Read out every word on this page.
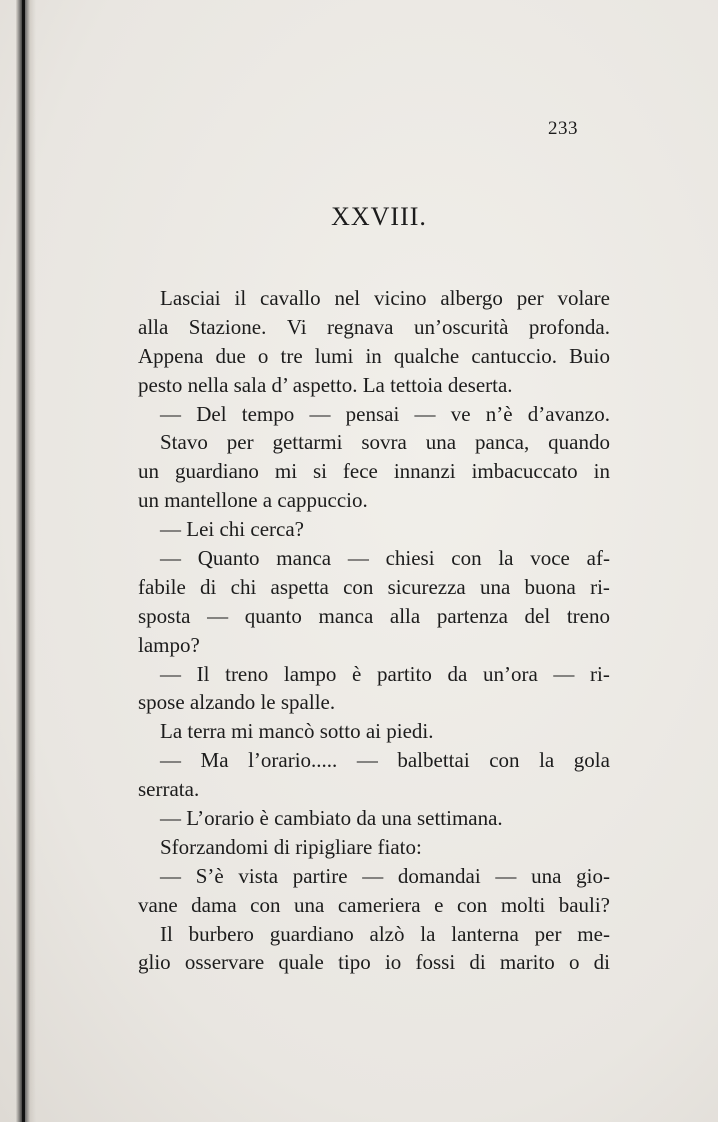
233
XXVIII.
Lasciai il cavallo nel vicino albergo per volare
alla Stazione. Vi regnava un’oscurità profonda.
Appena due o tre lumi in qualche cantuccio. Buio
pesto nella sala d’ aspetto. La tettoia deserta.
— Del tempo — pensai — ve n’è d’avanzo.
Stavo per gettarmi sovra una panca, quando
un guardiano mi si fece innanzi imbacuccato in
un mantellone a cappuccio.
— Lei chi cerca?
— Quanto manca — chiesi con la voce af-
fabile di chi aspetta con sicurezza una buona ri-
sposta — quanto manca alla partenza del treno
lampo?
— Il treno lampo è partito da un’ora — ri-
spose alzando le spalle.
La terra mi mancò sotto ai piedi.
— Ma l’orario..... — balbettai con la gola
serrata.
— L’orario è cambiato da una settimana.
Sforzandomi di ripigliare fiato:
— S’è vista partire — domandai — una gio-
vane dama con una cameriera e con molti bauli?
Il burbero guardiano alzò la lanterna per me-
glio osservare quale tipo io fossi di marito o di
